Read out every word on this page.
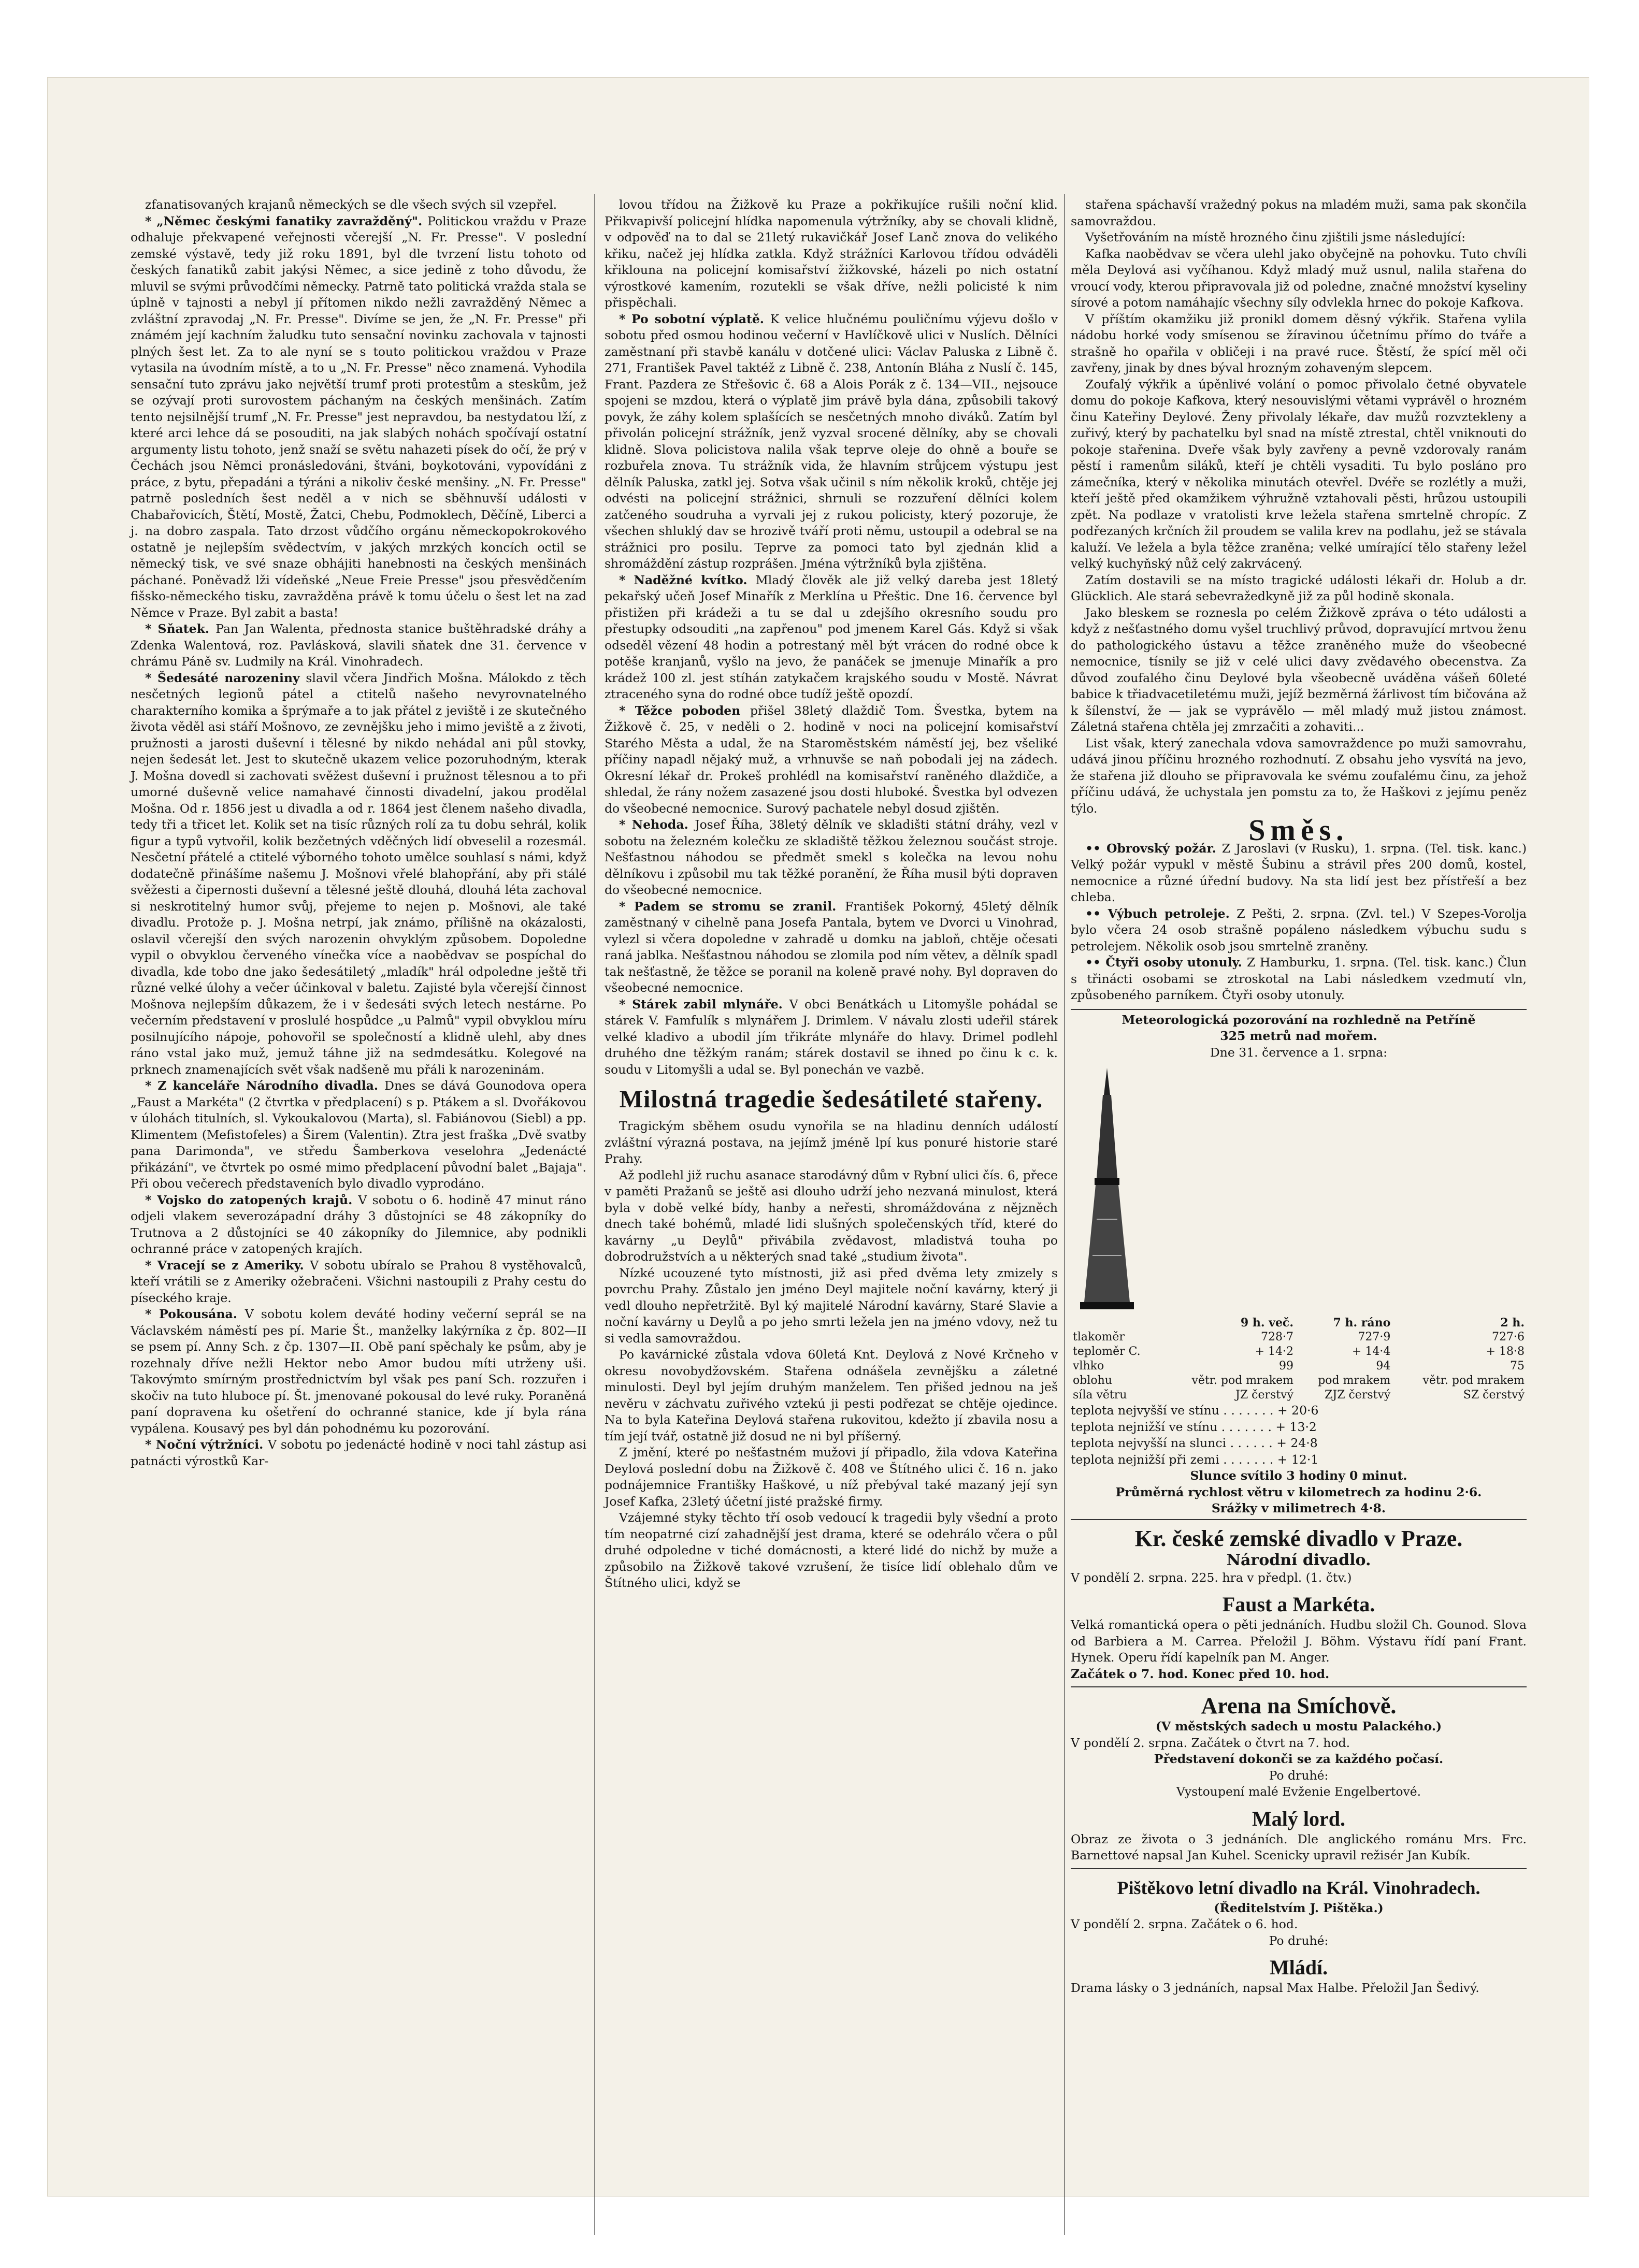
zfanatisovaných krajanů německých se dle všech svých sil vzepřel.

* „Němec českými fanatiky zavražděný". Politickou vraždu v Praze odhaluje překvapené veřejnosti včerejší „N. Fr. Presse". V poslední zemské výstavě, tedy již roku 1891, byl dle tvrzení listu tohoto od českých fanatiků zabit jakýsi Němec, a sice jedině z toho důvodu, že mluvil se svými průvodčími německy. Patrně tato politická vražda stala se úplně v tajnosti a nebyl jí přítomen nikdo nežli zavražděný Němec a zvláštní zpravodaj „N. Fr. Presse". Divíme se jen, že „N. Fr. Presse" při známém její kachním žaludku tuto sensační novinku zachovala v tajnosti plných šest let. Za to ale nyní se s touto politickou vraždou v Praze vytasila na úvodním místě, a to u „N. Fr. Presse" něco znamená. Vyhodila sensační tuto zprávu jako největší trumf proti protestům a steskům, jež se ozývají proti surovostem páchaným na českých menšinách. Zatím tento nejsilnější trumf „N. Fr. Presse" jest nepravdou, ba nestydatou lží, z které arci lehce dá se posouditi, na jak slabých nohách spočívají ostatní argumenty listu tohoto, jenž snaží se světu nahazeti písek do očí, že prý v Čechách jsou Němci pronásledováni, štváni, boykotováni, vypovídáni z práce, z bytu, přepadáni a týráni a nikoliv české menšiny. „N. Fr. Presse" patrně posledních šest neděl a v nich se sběhnuvší události v Chabařovicích, Štětí, Mostě, Žatci, Chebu, Podmoklech, Děčíně, Liberci a j. na dobro zaspala. Tato drzost vůdčího orgánu německopokrokového ostatně je nejlepším svědectvím, v jakých mrzkých koncích octil se německý tisk, ve své snaze obhájiti hanebnosti na českých menšinách páchané. Poněvadž lži vídeňské „Neue Freie Presse" jsou přesvědčením fišsko-německého tisku, zavražděna právě k tomu účelu o šest let na zad Němce v Praze. Byl zabit a basta!

* Sňatek. Pan Jan Walenta, přednosta stanice buštěhradské dráhy a Zdenka Walentová, roz. Pavlásková, slavili sňatek dne 31. července v chrámu Páně sv. Ludmily na Král. Vinohradech.

* Šedesáté narozeniny slavil včera Jindřich Mošna. Málokdo z těch nesčetných legionů pátel a ctitelů našeho nevyrovnatelného charakterního komika a šprýmaře a to jak přátel z jeviště i ze skutečného života věděl asi stáří Mošnovo, ze zevnějšku jeho i mimo jeviště a z životi, pružnosti a jarosti duševní i tělesné by nikdo nehádal ani půl stovky, nejen šedesát let. Jest to skutečně ukazem velice pozoruhodným, kterak J. Mošna dovedl si zachovati svěžest duševní i pružnost tělesnou a to při umorné duševně velice namahavé činnosti divadelní, jakou prodělal Mošna. Od r. 1856 jest u divadla a od r. 1864 jest členem našeho divadla, tedy tři a třicet let. Kolik set na tisíc různých rolí za tu dobu sehrál, kolik figur a typů vytvořil, kolik bezčetných vděčných lidí obveselil a rozesmál. Nesčetní přátelé a ctitelé výborného tohoto umělce souhlasí s námi, když dodatečně přinášíme našemu J. Mošnovi vřelé blahopřání, aby při stálé svěžesti a čipernosti duševní a tělesné ještě dlouhá, dlouhá léta zachoval si neskrotitelný humor svůj, přejeme to nejen p. Mošnovi, ale také divadlu. Protože p. J. Mošna netrpí, jak známo, přílišně na okázalosti, oslavil včerejší den svých narozenin ohvyklým způsobem. Dopoledne vypil o obvyklou červeného vínečka více a naobědvav se pospíchal do divadla, kde tobo dne jako šedesátiletý „mladík" hrál odpoledne ještě tři různé velké úlohy a večer účinkoval v baletu. Zajisté byla včerejší činnost Mošnova nejlepším důkazem, že i v šedesáti svých letech nestárne. Po večerním představení v proslulé hospůdce „u Palmů" vypil obvyklou míru posilnujícího nápoje, pohovořil se společností a klidně ulehl, aby dnes ráno vstal jako muž, jemuž táhne již na sedmdesátku. Kolegové na prknech znamenajících svět však nadšeně mu přáli k narozeninám.

* Z kanceláře Národního divadla. Dnes se dává Gounodova opera „Faust a Markéta" (2 čtvrtka v předplacení) s p. Ptákem a sl. Dvořákovou v úlohách titulních, sl. Vykoukalovou (Marta), sl. Fabiánovou (Siebl) a pp. Klimentem (Mefistofeles) a Širem (Valentin). Ztra jest fraška „Dvě svatby pana Darimonda", ve středu Šamberkova veselohra „Jedenácté přikázání", ve čtvrtek po osmé mimo předplacení původní balet „Bajaja". Při obou večerech představeních bylo divadlo vyprodáno.

* Vojsko do zatopených krajů. V sobotu o 6. hodině 47 minut ráno odjeli vlakem severozápadní dráhy 3 důstojníci se 48 zákopníky do Trutnova a 2 důstojníci se 40 zákopníky do Jilemnice, aby podnikli ochranné práce v zatopených krajích.

* Vracejí se z Ameriky. V sobotu ubíralo se Prahou 8 vystěhovalců, kteří vrátili se z Ameriky ožebračeni. Všichni nastoupili z Prahy cestu do píseckého kraje.

* Pokousána. V sobotu kolem deváté hodiny večerní seprál se na Václavském náměstí pes pí. Marie Št., manželky lakýrníka z čp. 802—II se psem pí. Anny Sch. z čp. 1307—II. Obě paní spěchaly ke psům, aby je rozehnaly dříve nežli Hektor nebo Amor budou míti utrženy uši. Takovýmto smírným prostřednictvím byl však pes paní Sch. rozzuřen i skočiv na tuto hluboce pí. Št. jmenované pokousal do levé ruky. Poraněná paní dopravena ku ošetření do ochranné stanice, kde jí byla rána vypálena. Kousavý pes byl dán pohodnému ku pozorování.

* Noční výtržníci. V sobotu po jedenácté hodině v noci tahl zástup asi patnácti výrostků Kar-

lovou třídou na Žižkově ku Praze a pokřikujíce rušili noční klid. Přikvapivší policejní hlídka napomenula výtržníky, aby se chovali klidně, v odpověď na to dal se 21letý rukavičkář Josef Lanč znova do velikého křiku, načež jej hlídka zatkla. Když strážníci Karlovou třídou odváděli křiklouna na policejní komisařství žižkovské, házeli po nich ostatní výrostkové kamením, rozutekli se však dříve, nežli policisté k nim přispěchali.

* Po sobotní výplatě. K velice hlučnému pouličnímu výjevu došlo v sobotu před osmou hodinou večerní v Havlíčkově ulici v Nuslích. Dělníci zaměstnaní při stavbě kanálu v dotčené ulici: Václav Paluska z Libně č. 271, František Pavel taktéž z Libně č. 238, Antonín Bláha z Nuslí č. 145, Frant. Pazdera ze Střešovic č. 68 a Alois Porák z č. 134—VII., nejsouce spojeni se mzdou, která o výplatě jim právě byla dána, způsobili takový povyk, že záhy kolem splašících se nesčetných mnoho diváků. Zatím byl přivolán policejní strážník, jenž vyzval srocené dělníky, aby se chovali klidně. Slova policistova nalila však teprve oleje do ohně a bouře se rozbuřela znova. Tu strážník vida, že hlavním strůjcem výstupu jest dělník Paluska, zatkl jej. Sotva však učinil s ním několik kroků, chtěje jej odvésti na policejní strážnici, shrnuli se rozzuření dělníci kolem zatčeného soudruha a vyrvali jej z rukou policisty, který pozoruje, že všechen shluklý dav se hrozivě tváří proti němu, ustoupil a odebral se na strážnici pro posilu. Teprve za pomoci tato byl zjednán klid a shromáždění zástup rozprášen. Jména výtržníků byla zjištěna.

* Naděžné kvítko. Mladý člověk ale již velký dareba jest 18letý pekařský učeň Josef Minařík z Merklína u Přeštic. Dne 16. července byl přistižen při krádeži a tu se dal u zdejšího okresního soudu pro přestupky odsouditi „na zapřenou" pod jmenem Karel Gás. Když si však odseděl vězení 48 hodin a potrestaný měl být vrácen do rodné obce k potěše kranjanů, vyšlo na jevo, že panáček se jmenuje Minařík a pro krádež 100 zl. jest stíhán zatykačem krajského soudu v Mostě. Návrat ztraceného syna do rodné obce tudíž ještě opozdí.

* Těžce poboden přišel 38letý dlaždič Tom. Švestka, bytem na Žižkově č. 25, v neděli o 2. hodině v noci na policejní komisařství Starého Města a udal, že na Staroměstském náměstí jej, bez všeliké příčiny napadl nějaký muž, a vrhnuvše se naň pobodali jej na zádech. Okresní lékař dr. Prokeš prohlédl na komisařství raněného dlaždiče, a shledal, že rány nožem zasazené jsou dosti hluboké. Švestka byl odvezen do všeobecné nemocnice. Surový pachatele nebyl dosud zjištěn.

* Nehoda. Josef Říha, 38letý dělník ve skladišti státní dráhy, vezl v sobotu na železném kolečku ze skladiště těžkou železnou součást stroje. Nešťastnou náhodou se předmět smekl s kolečka na levou nohu dělníkovu i způsobil mu tak těžké poranění, že Říha musil býti dopraven do všeobecné nemocnice.

* Padem se stromu se zranil. František Pokorný, 45letý dělník zaměstnaný v cihelně pana Josefa Pantala, bytem ve Dvorci u Vinohrad, vylezl si včera dopoledne v zahradě u domku na jabloň, chtěje očesati raná jablka. Nešťastnou náhodou se zlomila pod ním větev, a dělník spadl tak nešťastně, že těžce se poranil na koleně pravé nohy. Byl dopraven do všeobecné nemocnice.

* Stárek zabil mlynáře. V obci Benátkách u Litomyšle pohádal se stárek V. Famfulík s mlynářem J. Drimlem. V návalu zlosti udeřil stárek velké kladivo a ubodil jím třikráte mlynáře do hlavy. Drimel podlehl druhého dne těžkým ranám; stárek dostavil se ihned po činu k c. k. soudu v Litomyšli a udal se. Byl ponechán ve vazbě.

Milostná tragedie šedesátileté stařeny.

Tragickým sběhem osudu vynořila se na hladinu denních událostí zvláštní výrazná postava, na jejímž jméně lpí kus ponuré historie staré Prahy.

Až podlehl již ruchu asanace starodávný dům v Rybní ulici čís. 6, přece v paměti Pražanů se ještě asi dlouho udrží jeho nezvaná minulost, která byla v době velké bídy, hanby a neřesti, shromáždována z nějzněch dnech také bohémů, mladé lidi slušných společenských tříd, které do kavárny „u Deylů" přivábila zvědavost, mladistvá touha po dobrodružstvích a u některých snad také „studium života".

Nízké ucouzené tyto místnosti, již asi před dvěma lety zmizely s povrchu Prahy. Zůstalo jen jméno Deyl majitele noční kavárny, který ji vedl dlouho nepřetržitě. Byl ký majitelé Národní kavárny, Staré Slavie a noční kavárny u Deylů a po jeho smrti ležela jen na jméno vdovy, než tu si vedla samovraždou.

Po kavárnické zůstala vdova 60letá Knt. Deylová z Nové Krčneho v okresu novobydžovském. Stařena odnášela zevnějšku a záletné minulosti. Deyl byl jejím druhým manželem. Ten přišed jednou na ješ nevěru v záchvatu zuřivého vztekú ji pesti podřezat se chtěje ojedince. Na to byla Kateřina Deylová stařena rukovitou, kdežto jí zbavila nosu a tím její tvář, ostatně již dosud ne ni byl příšerný.

Z jmění, které po nešťastném mužovi jí připadlo, žila vdova Kateřina Deylová poslední dobu na Žižkově č. 408 ve Štítného ulici č. 16 n. jako podnájemnice Františky Haškové, u níž přebýval také mazaný její syn Josef Kafka, 23letý účetní jisté pražské firmy.

Vzájemné styky těchto tří osob vedoucí k tragedii byly všední a proto tím neopatrné cizí zahadnější jest drama, které se odehrálo včera o půl druhé odpoledne v tiché domácnosti, a které lidé do nichž by muže a způsobilo na Žižkově takové vzrušení, že tisíce lidí oblehalo dům ve Štítného ulici, když se

stařena spáchavší vražedný pokus na mladém muži, sama pak skončila samovraždou.

Vyšetřováním na místě hrozného činu zjištili jsme následující:

Kafka naobědvav se včera ulehl jako obyčejně na pohovku. Tuto chvíli měla Deylová asi vyčíhanou. Když mladý muž usnul, nalila stařena do vroucí vody, kterou připravovala již od poledne, značné množství kyseliny sírové a potom namáhajíc všechny síly odvlekla hrnec do pokoje Kafkova.

V příštím okamžiku již pronikl domem děsný výkřik. Stařena vylila nádobu horké vody smísenou se žíravinou účetnímu přímo do tváře a strašně ho opařila v obličeji i na pravé ruce. Štěstí, že spící měl oči zavřeny, jinak by dnes býval hrozným zohaveným slepcem.

Zoufalý výkřik a úpěnlivé volání o pomoc přivolalo četné obyvatele domu do pokoje Kafkova, který nesouvislými větami vyprávěl o hrozném činu Kateřiny Deylové. Ženy přivolaly lékaře, dav mužů rozvztekleny a zuřivý, který by pachatelku byl snad na místě ztrestal, chtěl vniknouti do pokoje stařenina. Dveře však byly zavřeny a pevně vzdorovaly ranám pěstí i ramenům siláků, kteří je chtěli vysaditi. Tu bylo posláno pro zámečníka, který v několika minutách otevřel. Dvéře se rozlétly a muži, kteří ještě před okamžikem výhružně vztahovali pěsti, hrůzou ustoupili zpět. Na podlaze v vratolisti krve ležela stařena smrtelně chropíc. Z podřezaných krčních žil proudem se valila krev na podlahu, jež se stávala kaluží. Ve ležela a byla těžce zraněna; velké umírající tělo stařeny ležel velký kuchyňský nůž celý zakrvácený.

Zatím dostavili se na místo tragické události lékaři dr. Holub a dr. Glücklich. Ale stará sebevražedkyně již za půl hodině skonala.

Jako bleskem se roznesla po celém Žižkově zpráva o této události a když z nešťastného domu vyšel truchlivý průvod, dopravující mrtvou ženu do pathologického ústavu a těžce zraněného muže do všeobecné nemocnice, tísnily se již v celé ulici davy zvědavého obecenstva. Za důvod zoufalého činu Deylové byla všeobecně uváděna vášeň 60leté babice k třiadvacetiletému muži, jejíž bezměrná žárlivost tím bičována až k šílenství, že — jak se vyprávělo — měl mladý muž jistou známost. Záletná stařena chtěla jej zmrzačiti a zohaviti...

List však, který zanechala vdova samovraždence po muži samovrahu, udává jinou příčinu hrozného rozhodnutí. Z obsahu jeho vysvítá na jevo, že stařena již dlouho se připravovala ke svému zoufalému činu, za jehož příčinu udává, že uchystala jen pomstu za to, že Haškovi z jejímu peněz týlo.

Směs.

•• Obrovský požár. Z Jaroslavi (v Rusku), 1. srpna. (Tel. tisk. kanc.) Velký požár vypukl v městě Šubinu a strávil přes 200 domů, kostel, nemocnice a různé úřední budovy. Na sta lidí jest bez přístřeší a bez chleba.

•• Výbuch petroleje. Z Pešti, 2. srpna. (Zvl. tel.) V Szepes-Vorolja bylo včera 24 osob strašně popáleno následkem výbuchu sudu s petrolejem. Několik osob jsou smrtelně zraněny.

•• Čtyři osoby utonuly. Z Hamburku, 1. srpna. (Tel. tisk. kanc.) Člun s třinácti osobami se ztroskotal na Labi následkem vzedmutí vln, způsobeného parníkem. Čtyři osoby utonuly.

Meteorologická pozorování na rozhledně na Petříně
325 metrů nad mořem.
Dne 31. července a 1. srpna:
	9 h. več.	7 h. ráno	2 h.
tlakoměr	728·7	727·9	727·6
teploměr C.	+ 14·2	+ 14·4	+ 18·8
vlhko	99	94	75
oblohu	větr. pod mrakem	pod mrakem	větr. pod mrakem
síla větru	JZ čerstvý	ZJZ čerstvý	SZ čerstvý
teplota nejvyšší ve stínu . . . . . . . + 20·6
teplota nejnižší ve stínu . . . . . . . + 13·2
teplota nejvyšší na slunci . . . . . . + 24·8
teplota nejnižší při zemi . . . . . . . + 12·1
Slunce svítilo 3 hodiny 0 minut.
Průměrná rychlost větru v kilometrech za hodinu 2·6.
Srážky v milimetrech 4·8.
Kr. české zemské divadlo v Praze.
Národní divadlo.
V pondělí 2. srpna. 225. hra v předpl. (1. čtv.)
Faust a Markéta.
Velká romantická opera o pěti jednáních. Hudbu složil Ch. Gounod. Slova od Barbiera a M. Carrea. Přeložil J. Böhm. Výstavu řídí paní Frant. Hynek. Operu řídí kapelník pan M. Anger.
Začátek o 7. hod. Konec před 10. hod.
Arena na Smíchově.
(V městských sadech u mostu Palackého.)
V pondělí 2. srpna. Začátek o čtvrt na 7. hod.
Představení dokonči se za každého počasí.
Po druhé:
Vystoupení malé Evženie Engelbertové.
Malý lord.
Obraz ze života o 3 jednáních. Dle anglického románu Mrs. Frc. Barnettové napsal Jan Kuhel. Scenicky upravil režisér Jan Kubík.
Pištěkovo letní divadlo na Král. Vinohradech.
(Ředitelstvím J. Pištěka.)
V pondělí 2. srpna. Začátek o 6. hod.
Po druhé:
Mládí.
Drama lásky o 3 jednáních, napsal Max Halbe. Přeložil Jan Šedivý.
